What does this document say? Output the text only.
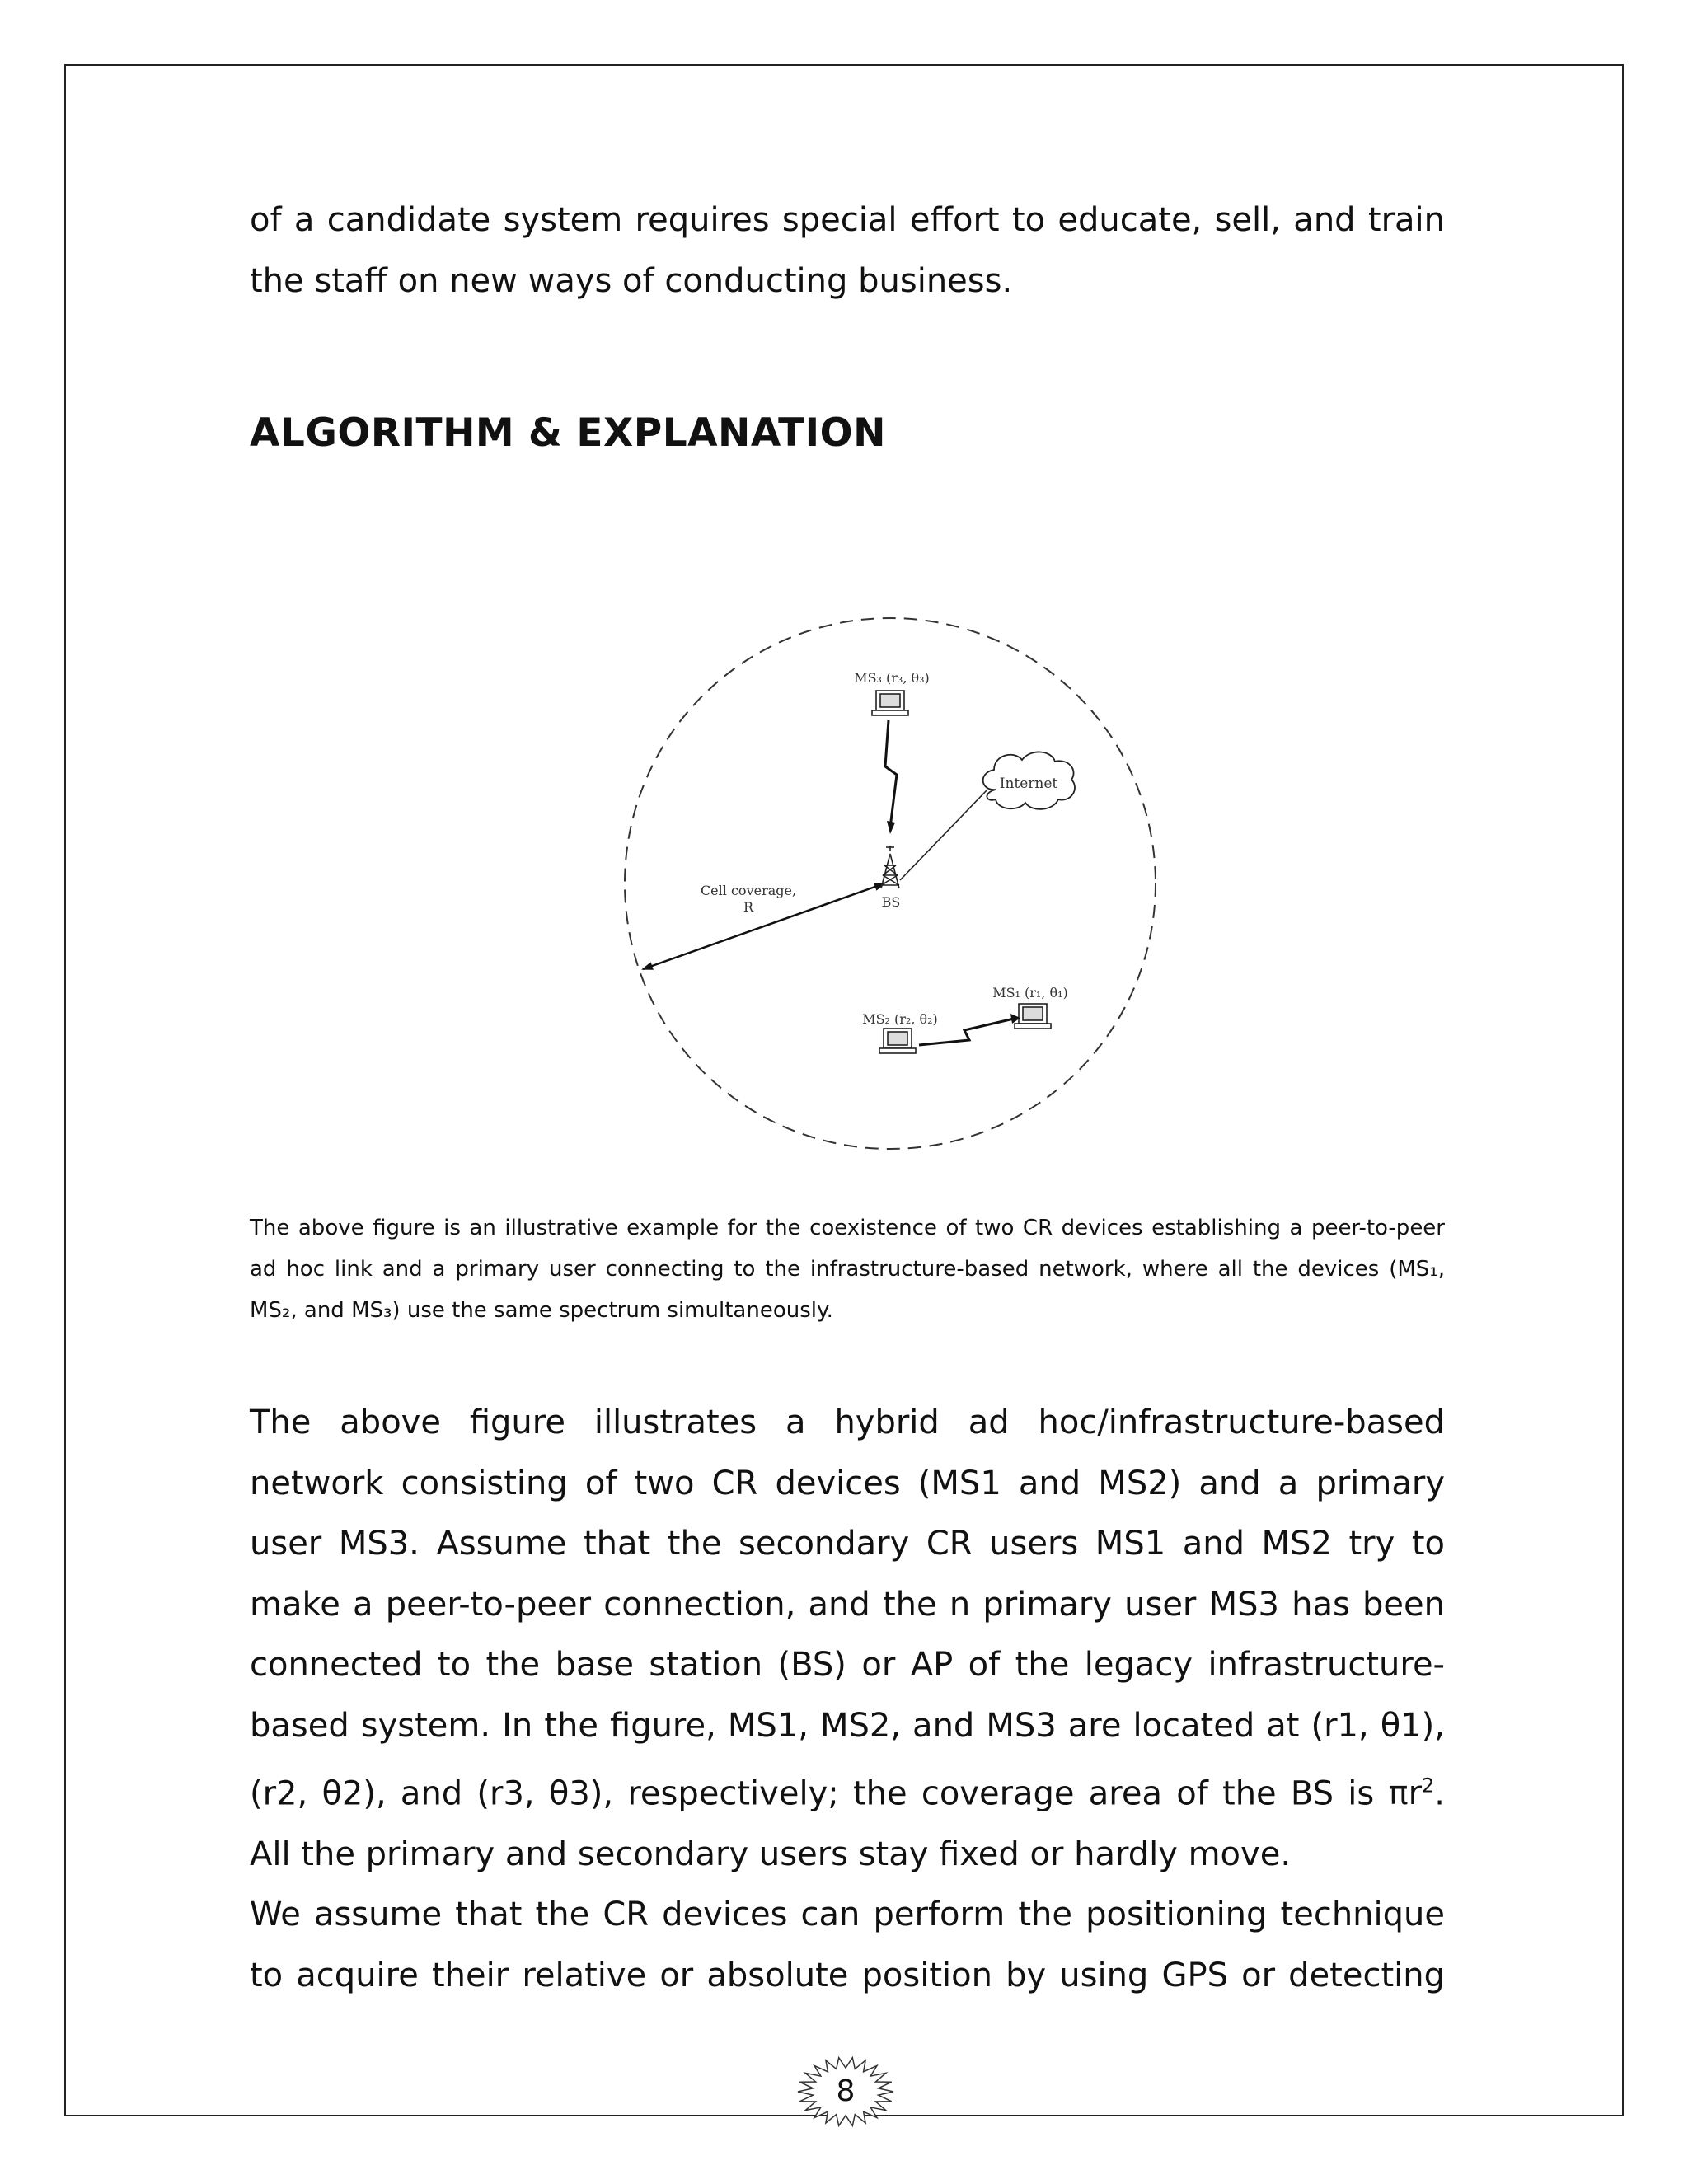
of a candidate system requires special effort to educate, sell, and train

the staff on new ways of conducting business.

ALGORITHM & EXPLANATION
Internet
MS₃ (r₃, θ₃)
Cell coverage,
R	BS
MS₁ (r₁, θ₁)
MS₂ (r₂, θ₂)

The above figure is an illustrative example for the coexistence of two CR devices establishing a peer-to-peer ad hoc link and a primary user connecting to the infrastructure-based network, where all the devices (MS₁, MS₂, and MS₃) use the same spectrum simultaneously.

The above figure illustrates a hybrid ad hoc/infrastructure-based network consisting of two CR devices (MS1 and MS2) and a primary user MS3. Assume that the secondary CR users MS1 and MS2 try to make a peer-to-peer connection, and the n primary user MS3 has been connected to the base station (BS) or AP of the legacy infrastructure-based system. In the figure, MS1, MS2, and MS3 are located at (r1, θ1), (r2, θ2), and (r3, θ3), respectively; the coverage area of the BS is $\pi r^2$. All the primary and secondary users stay fixed or hardly move.

We assume that the CR devices can perform the positioning technique to acquire their relative or absolute position by using GPS or detecting

8
